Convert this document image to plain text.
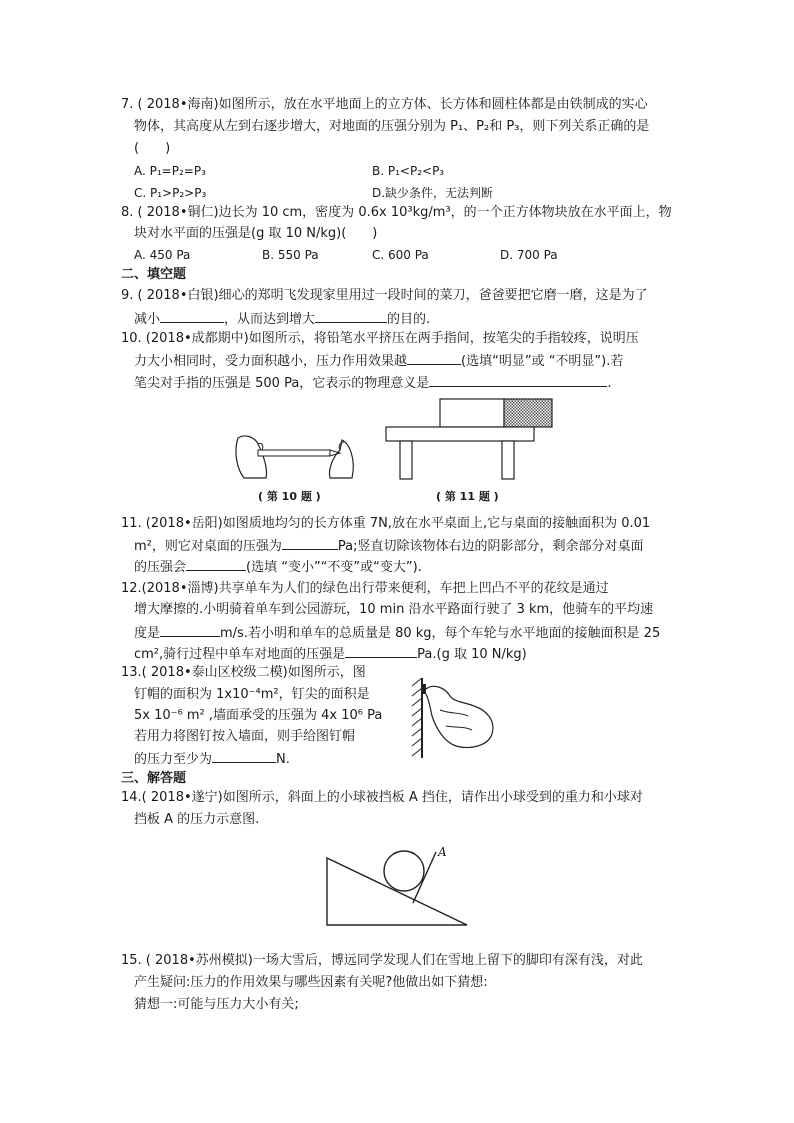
7. ( 2018•海南)如图所示，放在水平地面上的立方体、长方体和圆柱体都是由铁制成的实心
物体，其高度从左到右逐步增大，对地面的压强分别为 P₁、P₂和 P₃，则下列关系正确的是
(  )
A. P₁=P₂=P₃	B. P₁<P₂<P₃
C. P₁>P₂>P₃	D.缺少条件，无法判断
8. ( 2018•铜仁)边长为 10 cm，密度为 0.6x 10³kg/m³，的一个正方体物块放在水平面上，物
块对水平面的压强是(g 取 10 N/kg)(  )
A. 450 Pa	B. 550 Pa	C. 600 Pa	D. 700 Pa
二、填空题
9. ( 2018•白银)细心的郑明飞发现家里用过一段时间的菜刀，爸爸要把它磨一磨，这是为了
减小	，从而达到增大	的目的.
10. (2018•成都期中)如图所示，将铅笔水平挤压在两手指间，按笔尖的手指较疼，说明压
力大小相同时，受力面积越小，压力作用效果越	(选填“明显”或 “不明显”).若
笔尖对手指的压强是 500 Pa，它表示的物理意义是	.
( 第 10 题 )	( 第 11 题 )
11. (2018•岳阳)如图质地均匀的长方体重 7N,放在水平桌面上,它与桌面的接触面积为 0.01
m²，则它对桌面的压强为	Pa;竖直切除该物体右边的阴影部分，剩余部分对桌面
的压强会	(选填 “变小”“不变”或“变大”).
12.(2018•淄博)共享单车为人们的绿色出行带来便利，车把上凹凸不平的花纹是通过
增大摩擦的.小明骑着单车到公园游玩，10 min 沿水平路面行驶了 3 km，他骑车的平均速
度是	m/s.若小明和单车的总质量是 80 kg，每个车轮与水平地面的接触面积是 25
cm²,骑行过程中单车对地面的压强是	Pa.(g 取 10 N/kg)
13.( 2018•泰山区校级二模)如图所示，图
钉帽的面积为 1x10⁻⁴m²，钉尖的面积是
5x 10⁻⁶ m² ,墙面承受的压强为 4x 10⁶ Pa
若用力将图钉按入墙面，则手给图钉帽
的压力至少为	N.
三、解答题
14.( 2018•遂宁)如图所示，斜面上的小球被挡板 A 挡住，请作出小球受到的重力和小球对
挡板 A 的压力示意图.
A
15. ( 2018•苏州模拟)一场大雪后，博远同学发现人们在雪地上留下的脚印有深有浅，对此
产生疑问:压力的作用效果与哪些因素有关呢?他做出如下猜想:
猜想一:可能与压力大小有关;
